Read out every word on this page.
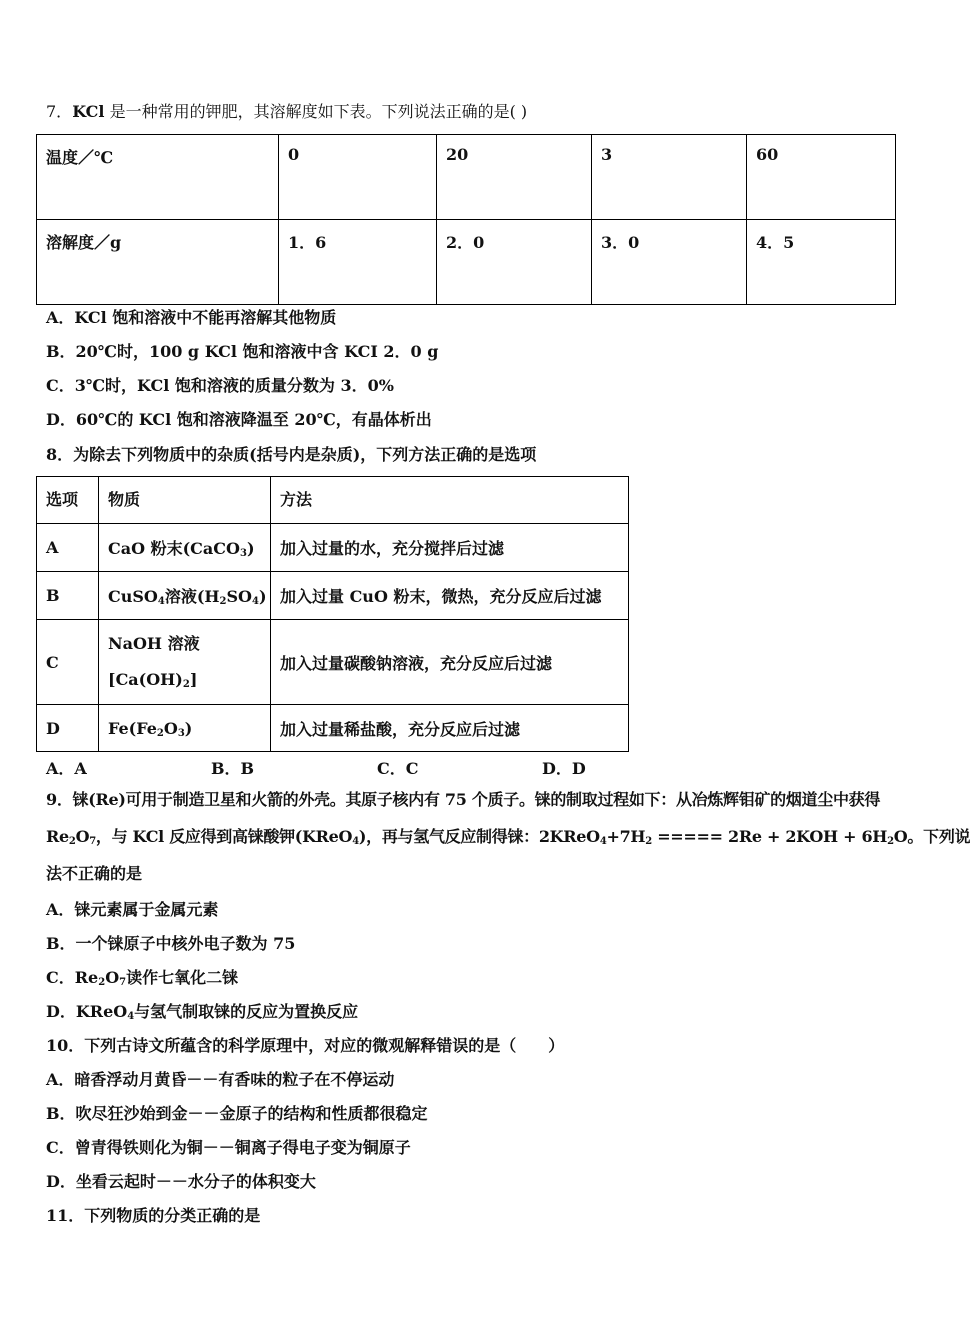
7．KCl 是一种常用的钾肥，其溶解度如下表。下列说法正确的是( )
温度／℃	0	20	3	60
溶解度／g	1．6	2．0	3．0	4．5
A．KCl 饱和溶液中不能再溶解其他物质
B．20℃时，100 g KCl 饱和溶液中含 KCI 2．0 g
C．3℃时，KCl 饱和溶液的质量分数为 3．0%
D．60℃的 KCl 饱和溶液降温至 20℃，有晶体析出
8．为除去下列物质中的杂质(括号内是杂质)，下列方法正确的是选项
选项	物质	方法
A	CaO 粉末(CaCO$_3$)	加入过量的水，充分搅拌后过滤
B	CuSO$_4$溶液$(H_2SO_4)$	加入过量 CuO 粉末，微热，充分反应后过滤
C	NaOH 溶液
$[Ca(OH)_2]$	加入过量碳酸钠溶液，充分反应后过滤
D	$Fe(Fe_2O_3)$	加入过量稀盐酸，充分反应后过滤
A．A	B．B	C．C	D．D
9．铼(Re)可用于制造卫星和火箭的外壳。其原子核内有 75 个质子。铼的制取过程如下：从冶炼辉钼矿的烟道尘中获得
$Re_2O_7$，与 KCl 反应得到高铼酸钾(KReO$_4$)，再与氢气反应制得铼：$2KReO_4+7H_2$ ===== $2Re + 2KOH + 6H_2O$。下列说
法不正确的是
A．铼元素属于金属元素
B．一个铼原子中核外电子数为 75
C．$Re_2O_7$读作七氧化二铼
D．KReO$_4$与氢气制取铼的反应为置换反应
10．下列古诗文所蕴含的科学原理中，对应的微观解释错误的是（　　）
A．暗香浮动月黄昏－－有香味的粒子在不停运动
B．吹尽狂沙始到金－－金原子的结构和性质都很稳定
C．曾青得铁则化为铜－－铜离子得电子变为铜原子
D．坐看云起时－－水分子的体积变大
11．下列物质的分类正确的是
